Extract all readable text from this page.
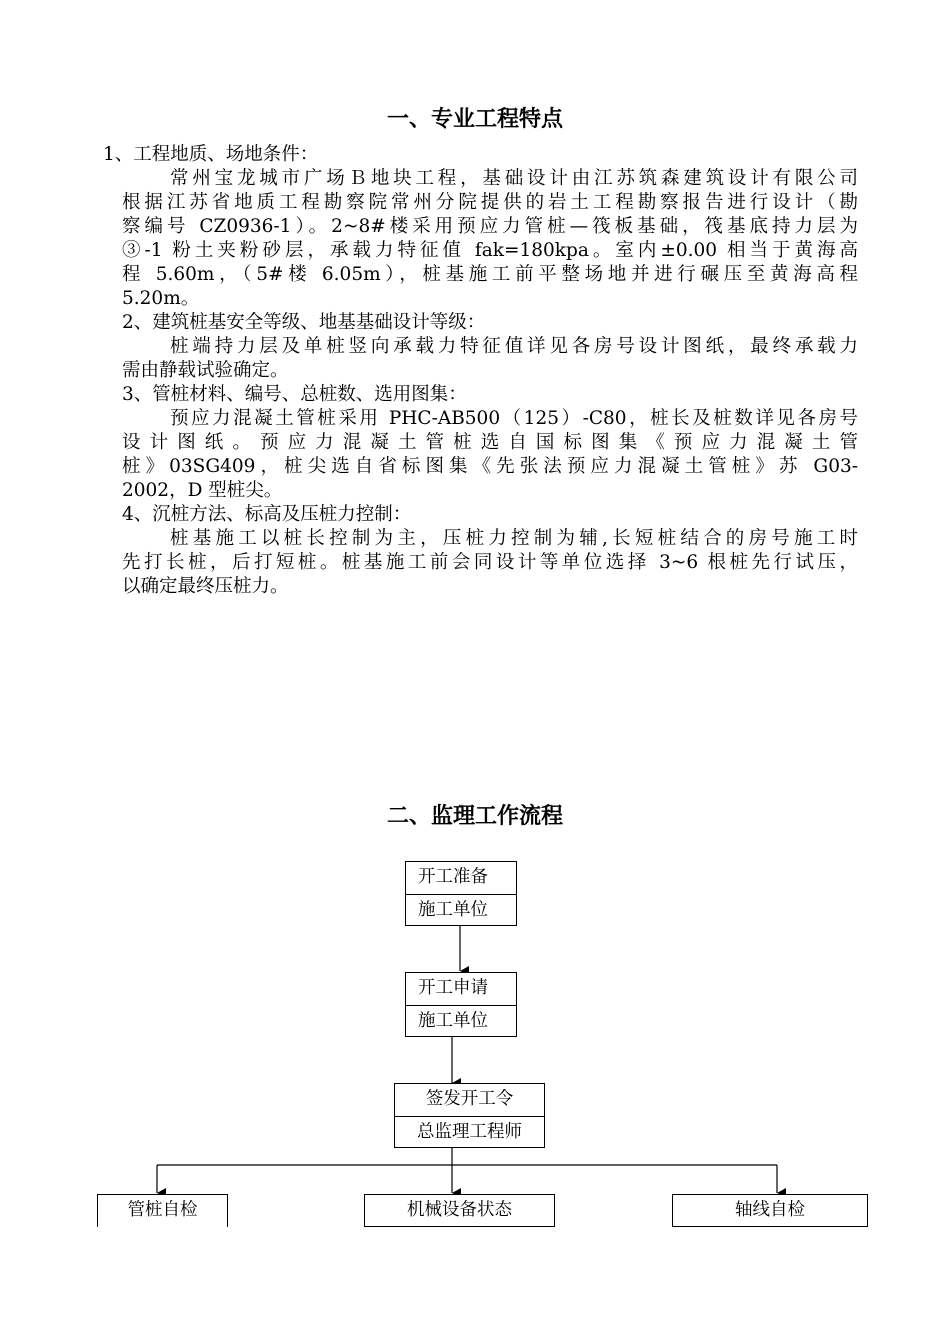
一、专业工程特点
1、工程地质、场地条件：
常州宝龙城市广场Ｂ地块工程，基础设计由江苏筑森建筑设计有限公司
根据江苏省地质工程勘察院常州分院提供的岩土工程勘察报告进行设计（勘
察编号 CZ0936-1）。2~8#楼采用预应力管桩—筏板基础，筏基底持力层为
③-1 粉土夹粉砂层，承载力特征值 fak=180kpa。室内±0.00 相当于黄海高
程 5.60m，（5#楼 6.05m），桩基施工前平整场地并进行碾压至黄海高程
5.20m。
2、建筑桩基安全等级、地基基础设计等级：
桩端持力层及单桩竖向承载力特征值详见各房号设计图纸，最终承载力
需由静载试验确定。
3、管桩材料、编号、总桩数、选用图集：
预应力混凝土管桩采用 PHC-AB500（125）-C80，桩长及桩数详见各房号
设 计 图 纸 。 预 应 力 混 凝 土 管 桩 选 自 国 标 图 集 《 预 应 力 混 凝 土 管
桩》03SG409，桩尖选自省标图集《先张法预应力混凝土管桩》苏 G03-
2002，D 型桩尖。
4、沉桩方法、标高及压桩力控制：
桩基施工以桩长控制为主，压桩力控制为辅,长短桩结合的房号施工时
先打长桩，后打短桩。桩基施工前会同设计等单位选择 3~6 根桩先行试压，
以确定最终压桩力。
二、监理工作流程
开工准备
施工单位
开工申请
施工单位
签发开工令
总监理工程师
管桩自检	机械设备状态	轴线自检
